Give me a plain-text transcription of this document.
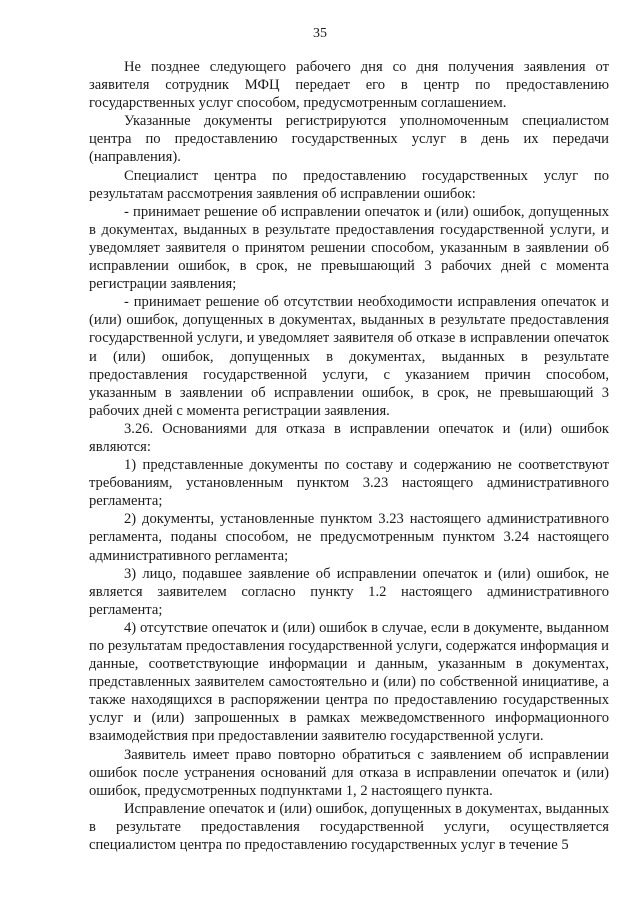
35

Не позднее следующего рабочего дня со дня получения заявления от заявителя сотрудник МФЦ передает его в центр по предоставлению государственных услуг способом, предусмотренным соглашением.

Указанные документы регистрируются уполномоченным специалистом центра по предоставлению государственных услуг в день их передачи (направления).

Специалист центра по предоставлению государственных услуг по результатам рассмотрения заявления об исправлении ошибок:

- принимает решение об исправлении опечаток и (или) ошибок, допущенных в документах, выданных в результате предоставления государственной услуги, и уведомляет заявителя о принятом решении способом, указанным в заявлении об исправлении ошибок, в срок, не превышающий 3 рабочих дней с момента регистрации заявления;

- принимает решение об отсутствии необходимости исправления опечаток и (или) ошибок, допущенных в документах, выданных в результате предоставления государственной услуги, и уведомляет заявителя об отказе в исправлении опечаток и (или) ошибок, допущенных в документах, выданных в результате предоставления государственной услуги, с указанием причин способом, указанным в заявлении об исправлении ошибок, в срок, не превышающий 3 рабочих дней с момента регистрации заявления.

3.26. Основаниями для отказа в исправлении опечаток и (или) ошибок являются:

1) представленные документы по составу и содержанию не соответствуют требованиям, установленным пунктом 3.23 настоящего административного регламента;

2) документы, установленные пунктом 3.23 настоящего административного регламента, поданы способом, не предусмотренным пунктом 3.24 настоящего административного регламента;

3) лицо, подавшее заявление об исправлении опечаток и (или) ошибок, не является заявителем согласно пункту 1.2 настоящего административного регламента;

4) отсутствие опечаток и (или) ошибок в случае, если в документе, выданном по результатам предоставления государственной услуги, содержатся информация и данные, соответствующие информации и данным, указанным в документах, представленных заявителем самостоятельно и (или) по собственной инициативе, а также находящихся в распоряжении центра по предоставлению государственных услуг и (или) запрошенных в рамках межведомственного информационного взаимодействия при предоставлении заявителю государственной услуги.

Заявитель имеет право повторно обратиться с заявлением об исправлении ошибок после устранения оснований для отказа в исправлении опечаток и (или) ошибок, предусмотренных подпунктами 1, 2 настоящего пункта.

Исправление опечаток и (или) ошибок, допущенных в документах, выданных в результате предоставления государственной услуги, осуществляется специалистом центра по предоставлению государственных услуг в течение 5
